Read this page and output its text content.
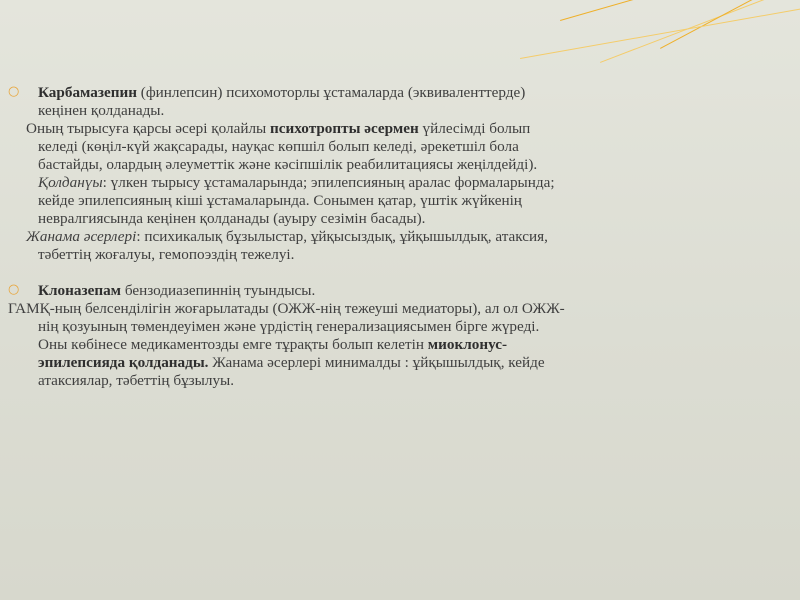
○ Карбамазепин (финлепсин) психомоторлы ұстамаларда (эквиваленттерде) кеңінен қолданады.

Оның тырысуға қарсы әсері қолайлы психотропты әсермен үйлесімді болып келеді (көңіл-күй жақсарады, науқас көпшіл болып келеді, әрекетшіл бола бастайды, олардың әлеуметтік және кәсіпшілік реабилитациясы жеңілдейді). Қолданүы: үлкен тырысу ұстамаларында; эпилепсияның аралас формаларында; кейде эпилепсияның кіші ұстамаларында. Сонымен қатар, үштік жүйкенің невралгиясында кеңінен қолданады (ауыру сезімін басады).

Жанама әсерлері: психикалық бұзылыстар, ұйқысыздық, ұйқышылдық, атаксия, тәбеттің жоғалуы, гемопоэздің тежелуі.

○ Клоназепам бензодиазепиннің туындысы.

ГАМҚ-ның белсенділігін жоғарылатады (ОЖЖ-нің тежеуші медиаторы), ал ол ОЖЖ-нің қозуының төмендеуімен және үрдістің генерализациясымен бірге жүреді. Оны көбінесе медикаментозды емге тұрақты болып келетін миоклонус-эпилепсияда қолданады. Жанама әсерлері минималды : ұйқышылдық, кейде атаксиялар, тәбеттің бұзылуы.
